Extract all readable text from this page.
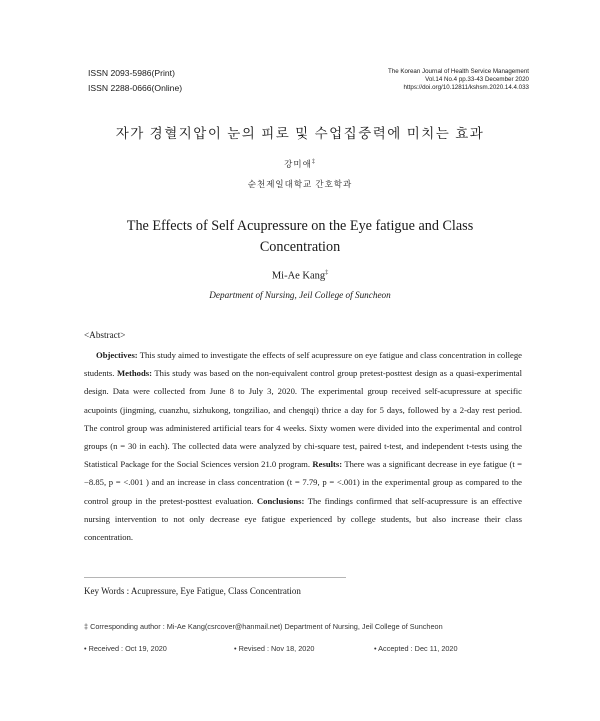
ISSN 2093-5986(Print)
ISSN 2288-0666(Online)
The Korean Journal of Health Service Management
Vol.14 No.4 pp.33-43 December 2020
https://doi.org/10.12811/kshsm.2020.14.4.033
자가 경혈지압이 눈의 피로 및 수업집중력에 미치는 효과
강미애‡
순천제일대학교 간호학과
The Effects of Self Acupressure on the Eye fatigue and Class Concentration
Mi-Ae Kang‡
Department of Nursing, Jeil College of Suncheon
<Abstract>
Objectives: This study aimed to investigate the effects of self acupressure on eye fatigue and class concentration in college students. Methods: This study was based on the non-equivalent control group pretest-posttest design as a quasi-experimental design. Data were collected from June 8 to July 3, 2020. The experimental group received self-acupressure at specific acupoints (jingming, cuanzhu, sizhukong, tongziliao, and chengqi) thrice a day for 5 days, followed by a 2-day rest period. The control group was administered artificial tears for 4 weeks. Sixty women were divided into the experimental and control groups (n = 30 in each). The collected data were analyzed by chi-square test, paired t-test, and independent t-tests using the Statistical Package for the Social Sciences version 21.0 program. Results: There was a significant decrease in eye fatigue (t = −8.85, p = <.001 ) and an increase in class concentration (t = 7.79, p = <.001) in the experimental group as compared to the control group in the pretest-posttest evaluation. Conclusions: The findings confirmed that self-acupressure is an effective nursing intervention to not only decrease eye fatigue experienced by college students, but also increase their class concentration.
Key Words : Acupressure, Eye Fatigue, Class Concentration
‡ Corresponding author : Mi-Ae Kang(csrcover@hanmail.net) Department of Nursing, Jeil College of Suncheon
• Received : Oct 19, 2020	• Revised : Nov 18, 2020	• Accepted : Dec 11, 2020
